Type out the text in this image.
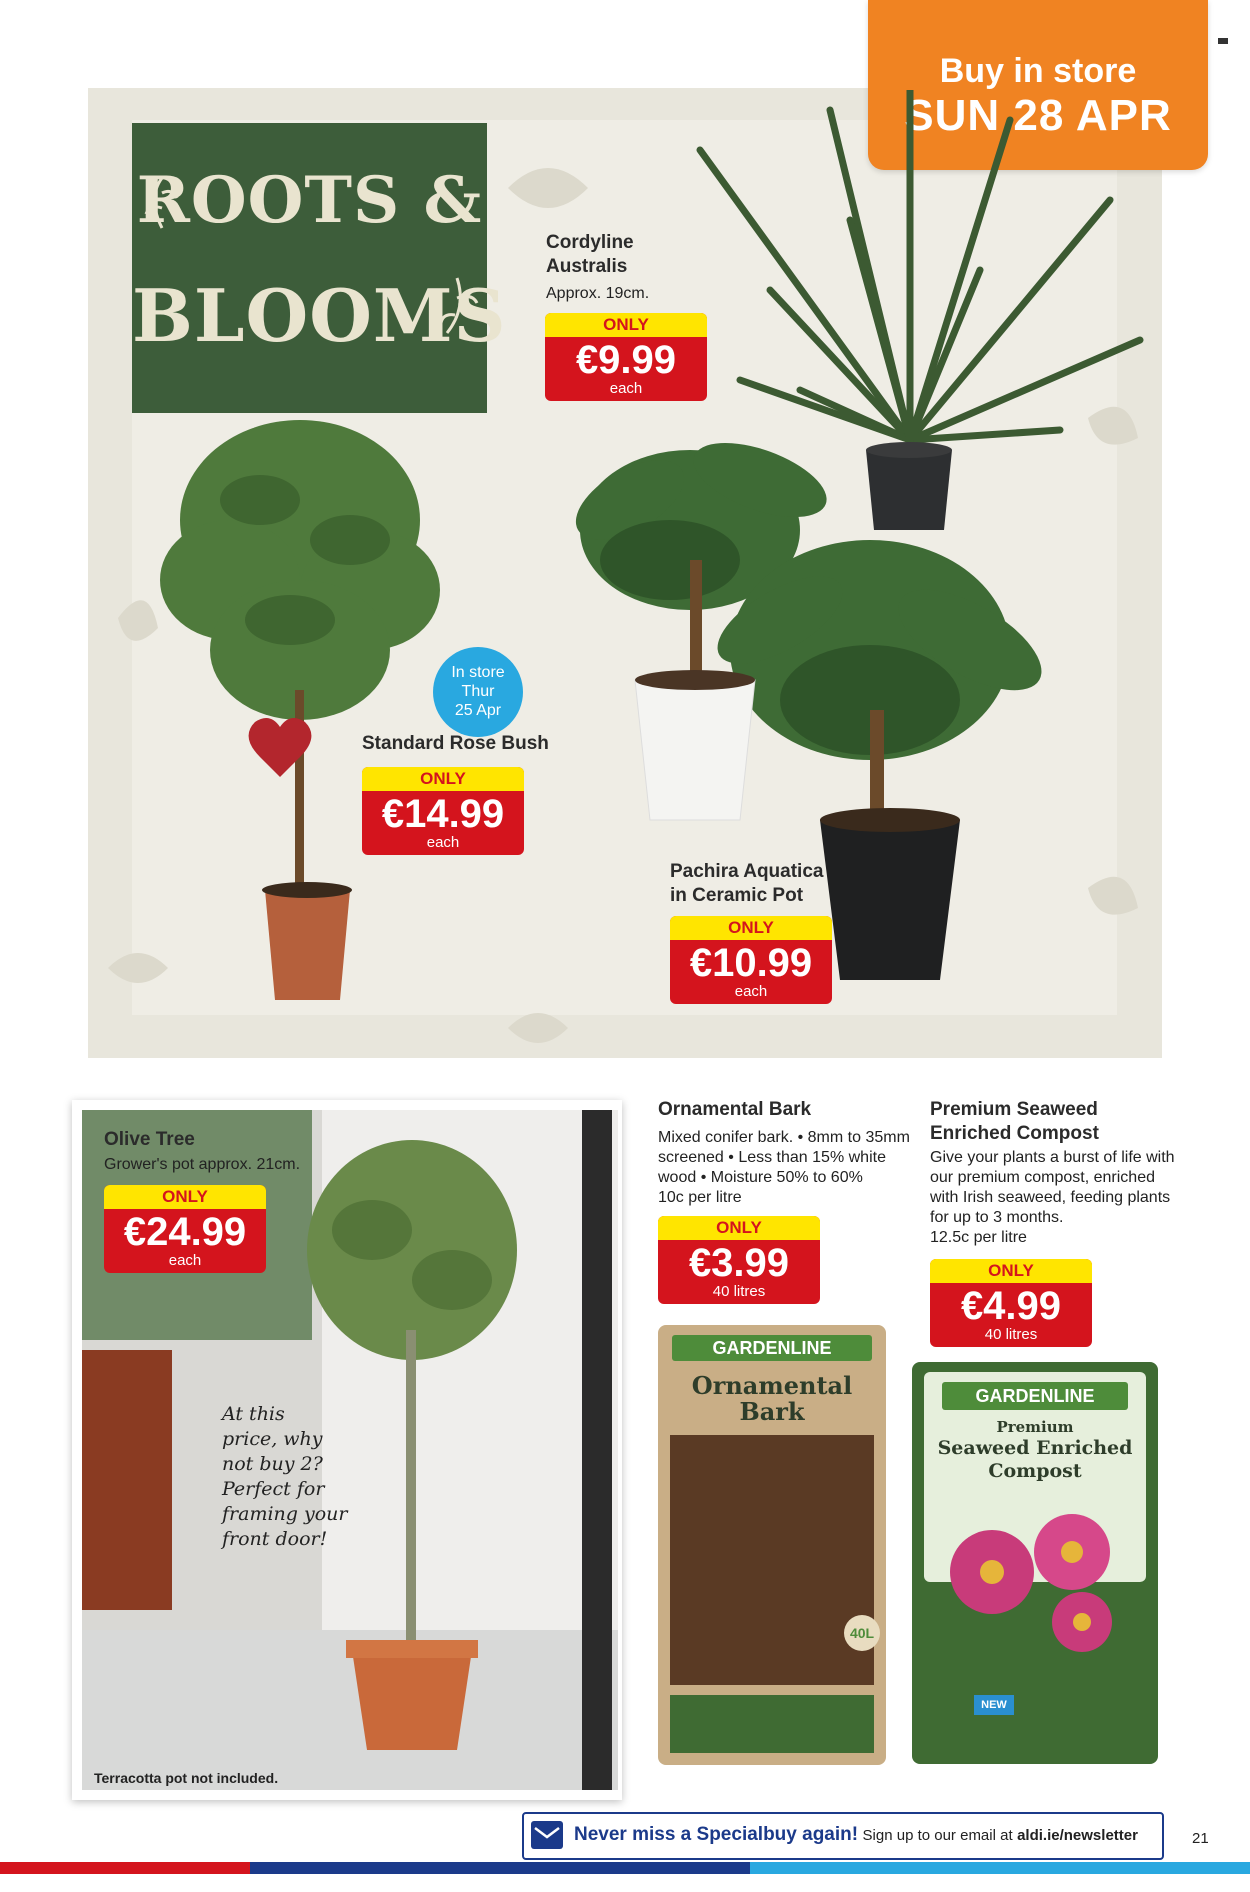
ROOTS &
BLOOMS
Buy in store
SUN 28 APR
Cordyline
Australis
Approx. 19cm.
ONLY
€9.99
each
Pachira Aquatica
in Ceramic Pot
ONLY
€10.99
each
In store
Thur
25 Apr
Standard Rose Bush
ONLY
€14.99
each
Olive Tree
Grower's pot approx. 21cm.
ONLY
€24.99
each
At this
price, why
not buy 2?
Perfect for
framing your
front door!
Terracotta pot not included.
Ornamental Bark
Mixed conifer bark. • 8mm to 35mm
screened • Less than 15% white
wood • Moisture 50% to 60%
10c per litre
ONLY
€3.99
40 litres
GARDENLINE
Ornamental
Bark
40L
Premium Seaweed
Enriched Compost
Give your plants a burst of life with
our premium compost, enriched
with Irish seaweed, feeding plants
for up to 3 months.
12.5c per litre
ONLY
€4.99
40 litres
GARDENLINE
Premium
Seaweed Enriched
Compost
NEW
Never miss a Specialbuy again! Sign up to our email at aldi.ie/newsletter	21
